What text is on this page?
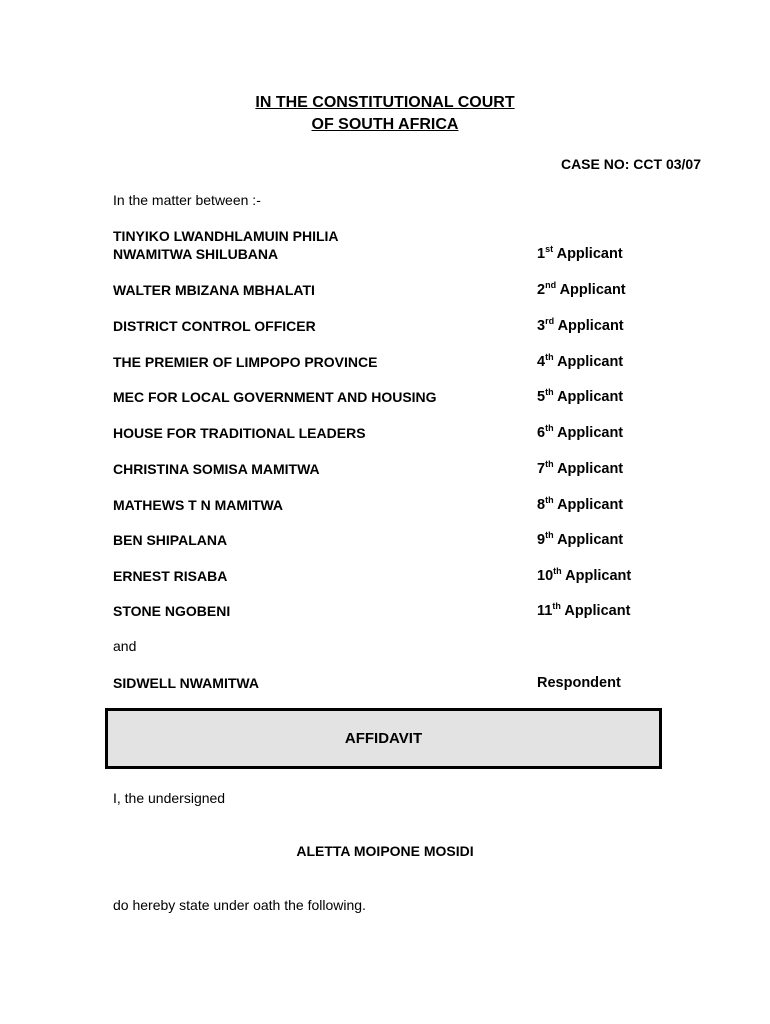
IN THE CONSTITUTIONAL COURT
OF SOUTH AFRICA
CASE NO: CCT 03/07
In the matter between :-
TINYIKO LWANDHLAMUIN PHILIA
NWAMITWA SHILUBANA	1st Applicant
WALTER MBIZANA MBHALATI	2nd Applicant
DISTRICT CONTROL OFFICER	3rd Applicant
THE PREMIER OF LIMPOPO PROVINCE	4th Applicant
MEC FOR LOCAL GOVERNMENT AND HOUSING	5th Applicant
HOUSE FOR TRADITIONAL LEADERS	6th Applicant
CHRISTINA SOMISA MAMITWA	7th Applicant
MATHEWS T N MAMITWA	8th Applicant
BEN SHIPALANA	9th Applicant
ERNEST RISABA	10th Applicant
STONE NGOBENI	11th Applicant
and
SIDWELL NWAMITWA	Respondent
AFFIDAVIT
I, the undersigned
ALETTA MOIPONE MOSIDI
do hereby state under oath the following.
